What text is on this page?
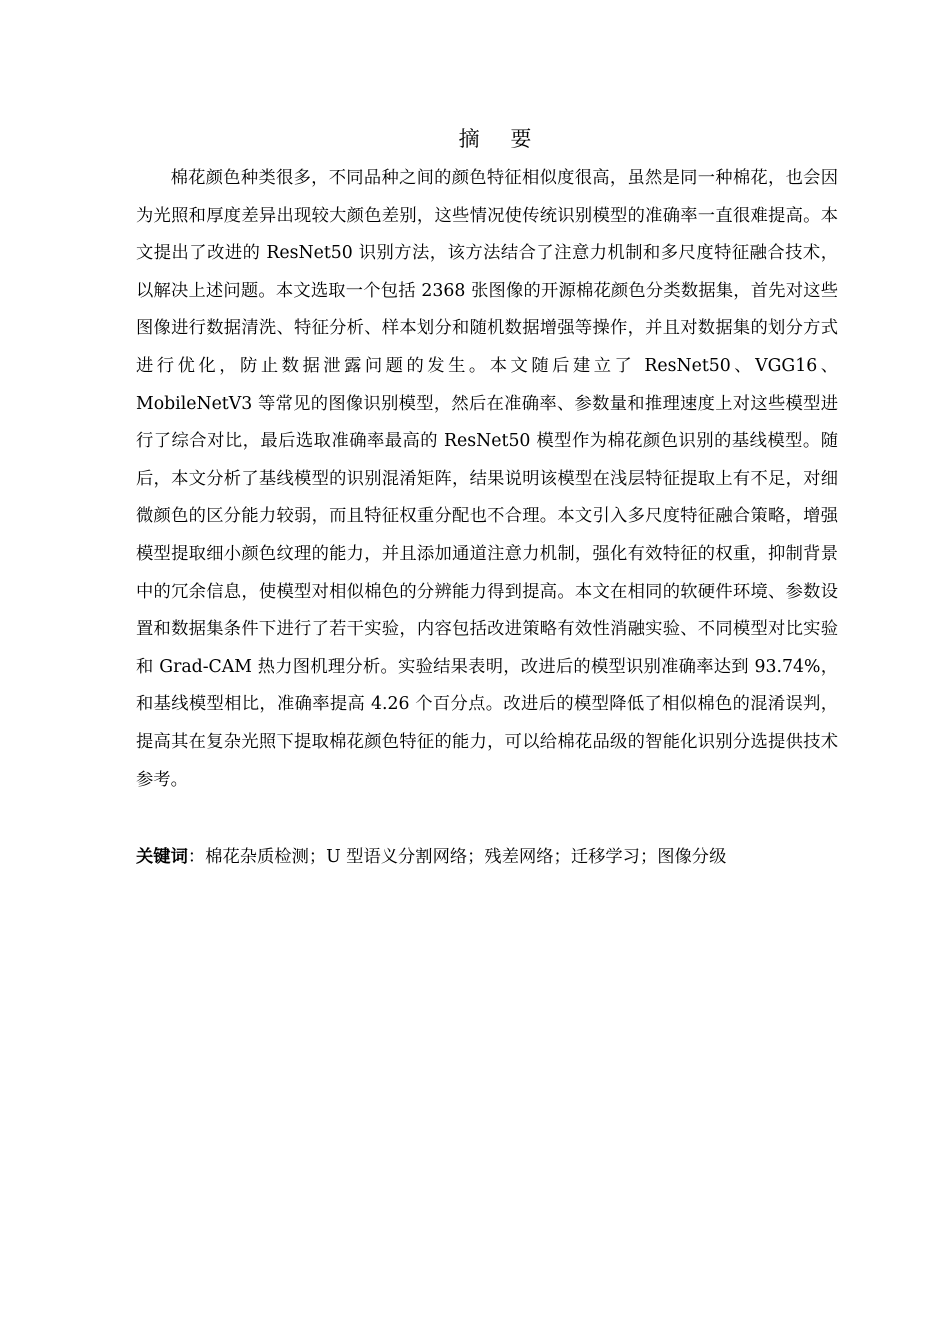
摘 要

棉花颜色种类很多，不同品种之间的颜色特征相似度很高，虽然是同一种棉花，也会因为光照和厚度差异出现较大颜色差别，这些情况使传统识别模型的准确率一直很难提高。本文提出了改进的 ResNet50 识别方法，该方法结合了注意力机制和多尺度特征融合技术，以解决上述问题。本文选取一个包括 2368 张图像的开源棉花颜色分类数据集，首先对这些图像进行数据清洗、特征分析、样本划分和随机数据增强等操作，并且对数据集的划分方式进行优化，防止数据泄露问题的发生。本文随后建立了 ResNet50、VGG16、MobileNetV3 等常见的图像识别模型，然后在准确率、参数量和推理速度上对这些模型进行了综合对比，最后选取准确率最高的 ResNet50 模型作为棉花颜色识别的基线模型。随后，本文分析了基线模型的识别混淆矩阵，结果说明该模型在浅层特征提取上有不足，对细微颜色的区分能力较弱，而且特征权重分配也不合理。本文引入多尺度特征融合策略，增强模型提取细小颜色纹理的能力，并且添加通道注意力机制，强化有效特征的权重，抑制背景中的冗余信息，使模型对相似棉色的分辨能力得到提高。本文在相同的软硬件环境、参数设置和数据集条件下进行了若干实验，内容包括改进策略有效性消融实验、不同模型对比实验和 Grad-CAM 热力图机理分析。实验结果表明，改进后的模型识别准确率达到 93.74%，和基线模型相比，准确率提高 4.26 个百分点。改进后的模型降低了相似棉色的混淆误判，提高其在复杂光照下提取棉花颜色特征的能力，可以给棉花品级的智能化识别分选提供技术参考。

关键词：棉花杂质检测；U 型语义分割网络；残差网络；迁移学习；图像分级
